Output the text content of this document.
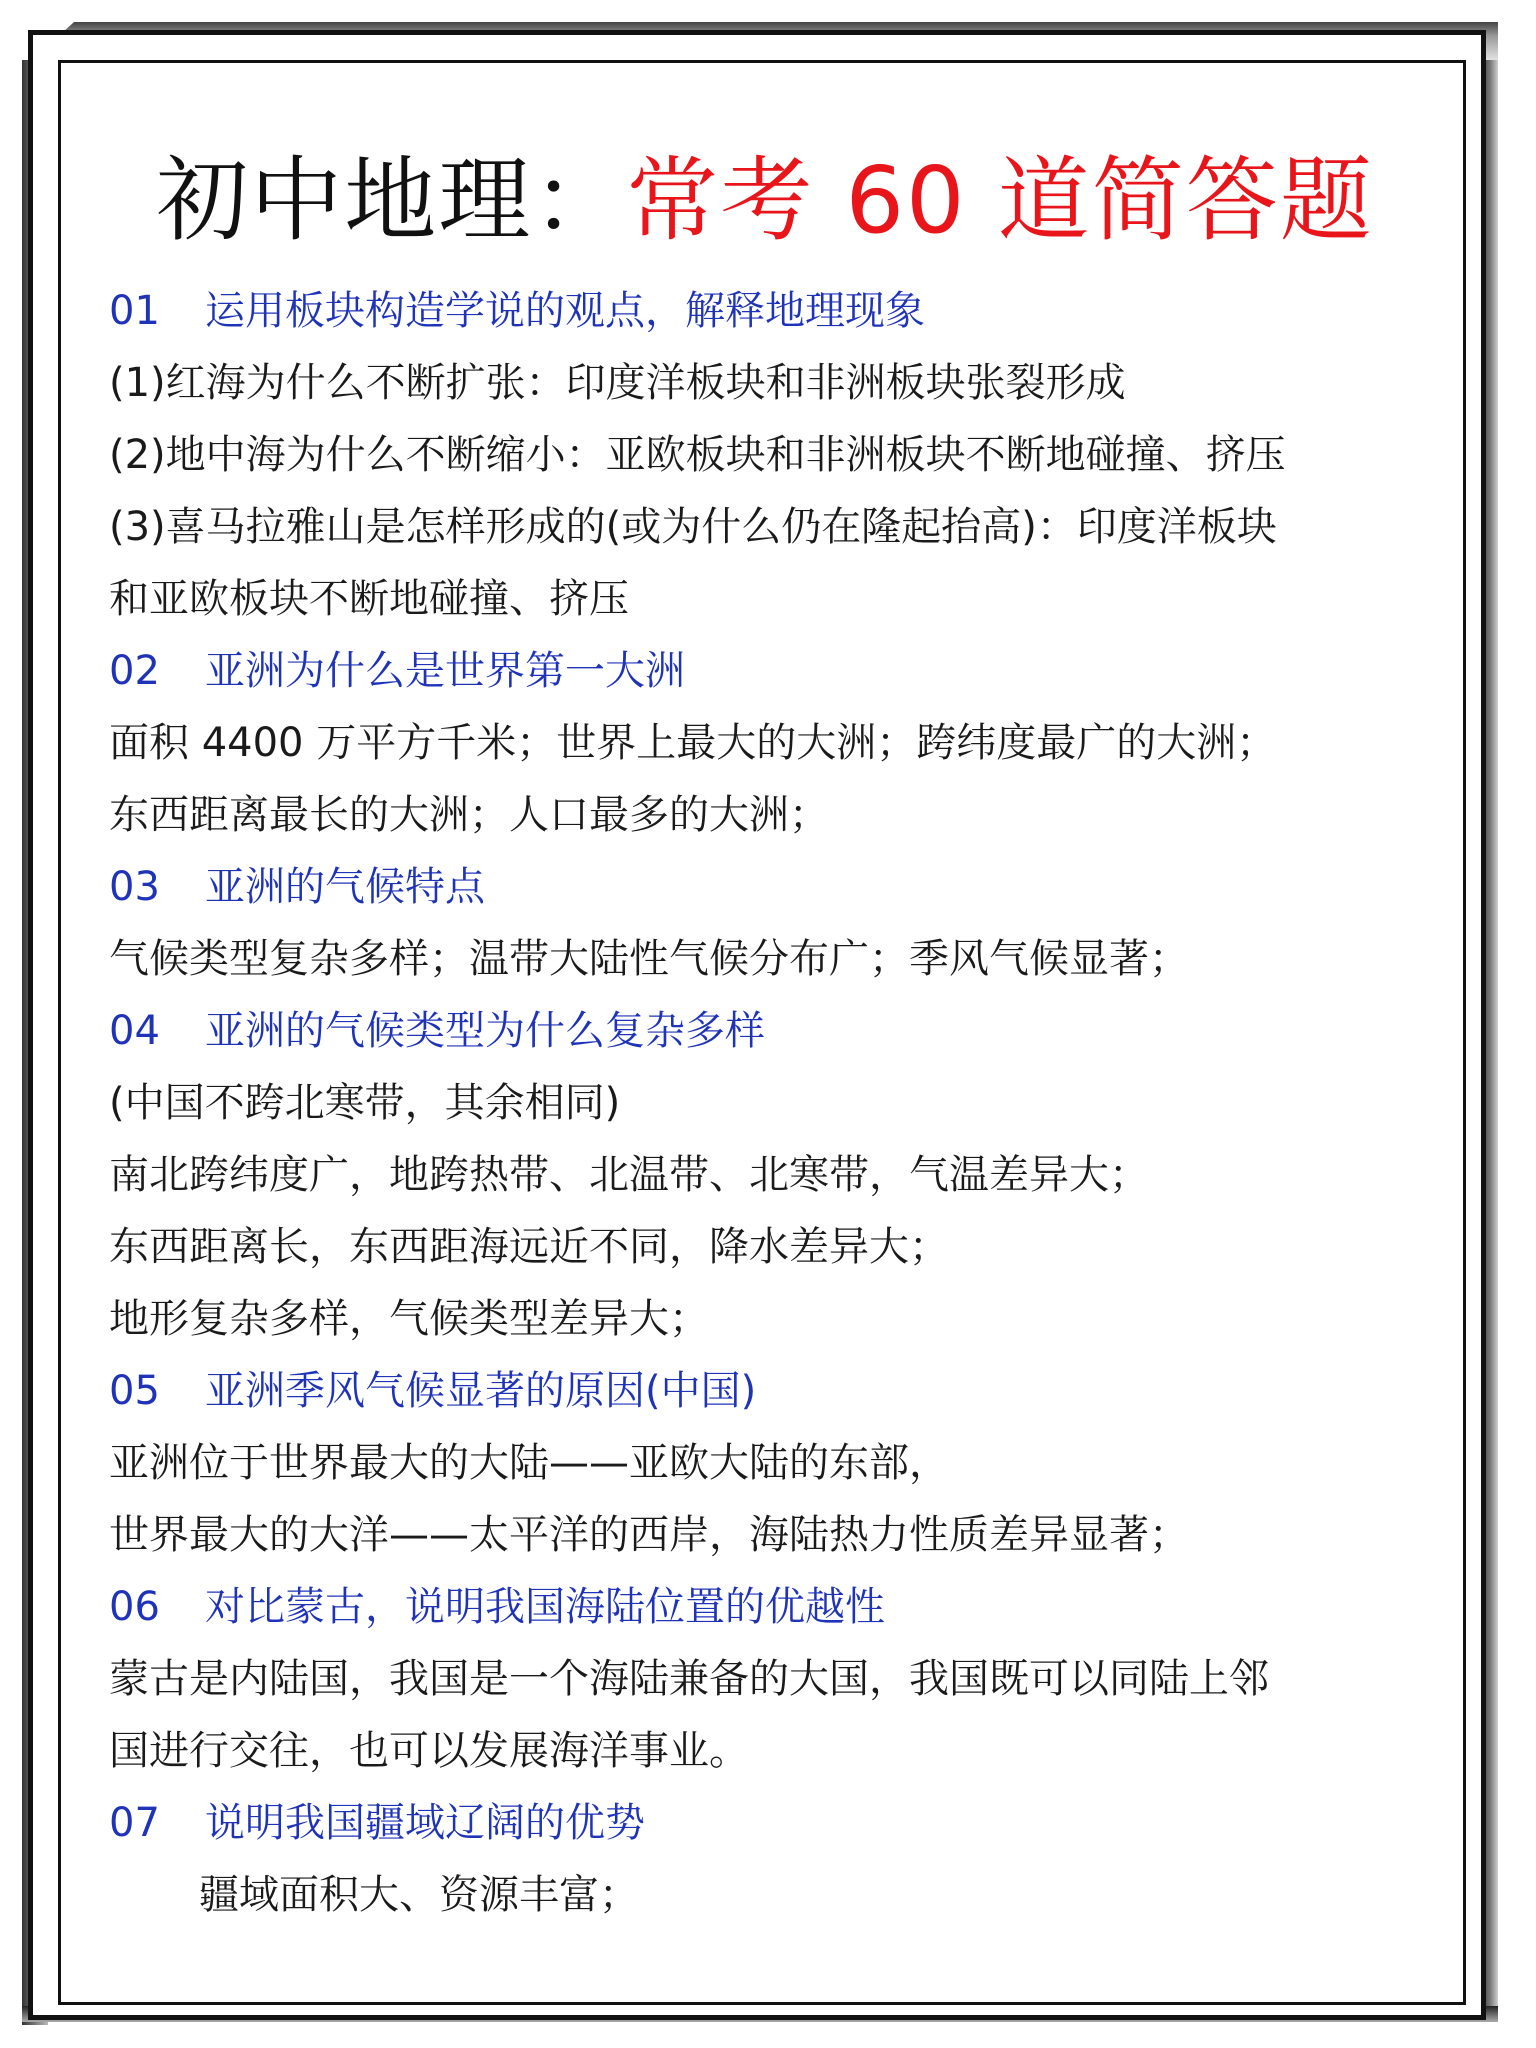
初中地理：常考 60 道简答题
01 运用板块构造学说的观点，解释地理现象
(1)红海为什么不断扩张：印度洋板块和非洲板块张裂形成
(2)地中海为什么不断缩小：亚欧板块和非洲板块不断地碰撞、挤压
(3)喜马拉雅山是怎样形成的(或为什么仍在隆起抬高)：印度洋板块
和亚欧板块不断地碰撞、挤压
02 亚洲为什么是世界第一大洲
面积 4400 万平方千米；世界上最大的大洲；跨纬度最广的大洲；
东西距离最长的大洲；人口最多的大洲；
03 亚洲的气候特点
气候类型复杂多样；温带大陆性气候分布广；季风气候显著；
04 亚洲的气候类型为什么复杂多样
(中国不跨北寒带，其余相同)
南北跨纬度广，地跨热带、北温带、北寒带，气温差异大；
东西距离长，东西距海远近不同，降水差异大；
地形复杂多样，气候类型差异大；
05 亚洲季风气候显著的原因(中国)
亚洲位于世界最大的大陆——亚欧大陆的东部，
世界最大的大洋——太平洋的西岸，海陆热力性质差异显著；
06 对比蒙古，说明我国海陆位置的优越性
蒙古是内陆国，我国是一个海陆兼备的大国，我国既可以同陆上邻
国进行交往，也可以发展海洋事业。
07 说明我国疆域辽阔的优势
疆域面积大、资源丰富；
